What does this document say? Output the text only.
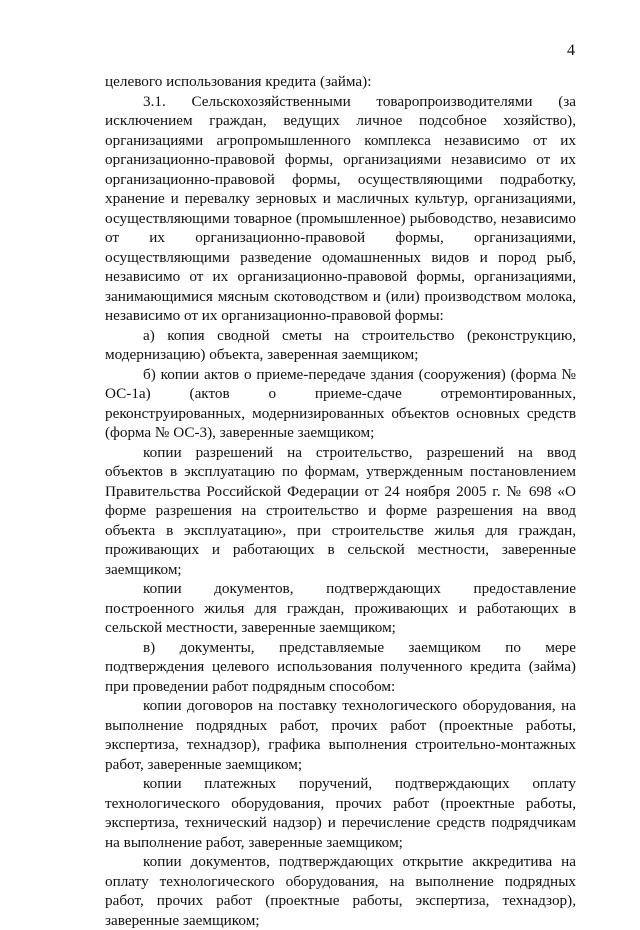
4

целевого использования кредита (займа):

3.1. Сельскохозяйственными товаропроизводителями (за исключением граждан, ведущих личное подсобное хозяйство), организациями агропромышленного комплекса независимо от их организационно-правовой формы, организациями независимо от их организационно-правовой формы, осуществляющими подработку, хранение и перевалку зерновых и масличных культур, организациями, осуществляющими товарное (промышленное) рыбоводство, независимо от их организационно-правовой формы, организациями, осуществляющими разведение одомашненных видов и пород рыб, независимо от их организационно-правовой формы, организациями, занимающимися мясным скотоводством и (или) производством молока, независимо от их организационно-правовой формы:

а) копия сводной сметы на строительство (реконструкцию, модернизацию) объекта, заверенная заемщиком;

б) копии актов о приеме-передаче здания (сооружения) (форма № ОС-1а) (актов о приеме-сдаче отремонтированных, реконструированных, модернизированных объектов основных средств (форма № ОС-3), заверенные заемщиком;

копии разрешений на строительство, разрешений на ввод объектов в эксплуатацию по формам, утвержденным постановлением Правительства Российской Федерации от 24 ноября 2005 г. № 698 «О форме разрешения на строительство и форме разрешения на ввод объекта в эксплуатацию», при строительстве жилья для граждан, проживающих и работающих в сельской местности, заверенные заемщиком;

копии документов, подтверждающих предоставление построенного жилья для граждан, проживающих и работающих в сельской местности, заверенные заемщиком;

в) документы, представляемые заемщиком по мере подтверждения целевого использования полученного кредита (займа) при проведении работ подрядным способом:

копии договоров на поставку технологического оборудования, на выполнение подрядных работ, прочих работ (проектные работы, экспертиза, технадзор), графика выполнения строительно-монтажных работ, заверенные заемщиком;

копии платежных поручений, подтверждающих оплату технологического оборудования, прочих работ (проектные работы, экспертиза, технический надзор) и перечисление средств подрядчикам на выполнение работ, заверенные заемщиком;

копии документов, подтверждающих открытие аккредитива на оплату технологического оборудования, на выполнение подрядных работ, прочих работ (проектные работы, экспертиза, технадзор), заверенные заемщиком;
